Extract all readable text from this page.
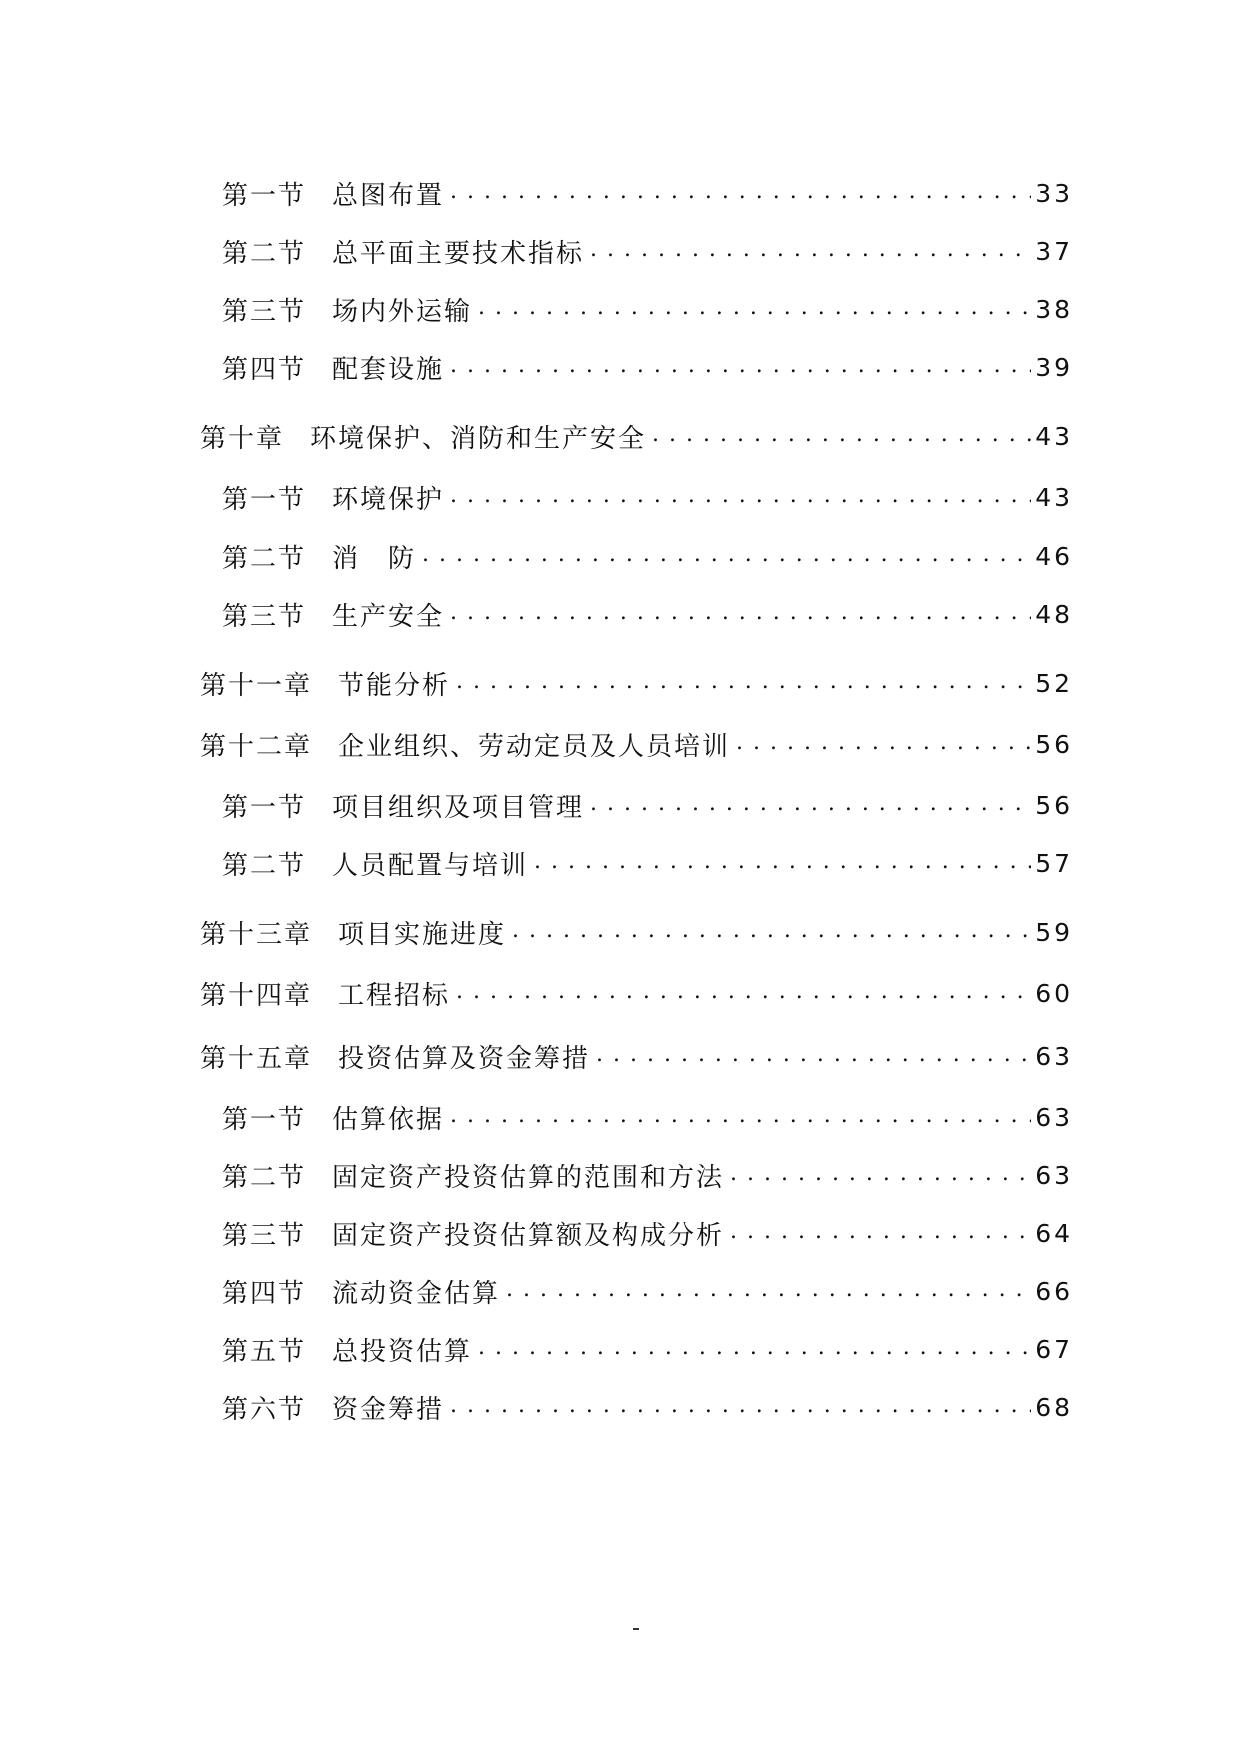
第一节 总图布置 . . .	33
第二节 总平面主要技术指标 . . .	37
第三节 场内外运输 . . .	38
第四节 配套设施 . . .	39
第十章 环境保护、消防和生产安全 . . .	43
第一节 环境保护 . . .	43
第二节 消　防 . . .	46
第三节 生产安全 . . .	48
第十一章 节能分析 . . .	52
第十二章 企业组织、劳动定员及人员培训 . . .	56
第一节 项目组织及项目管理 . . .	56
第二节 人员配置与培训 . . .	57
第十三章 项目实施进度 . . .	59
第十四章 工程招标 . . .	60
第十五章 投资估算及资金筹措 . . .	63
第一节 估算依据 . . .	63
第二节 固定资产投资估算的范围和方法 . . .	63
第三节 固定资产投资估算额及构成分析 . . .	64
第四节 流动资金估算 . . .	66
第五节 总投资估算 . . .	67
第六节 资金筹措 . . .	68
